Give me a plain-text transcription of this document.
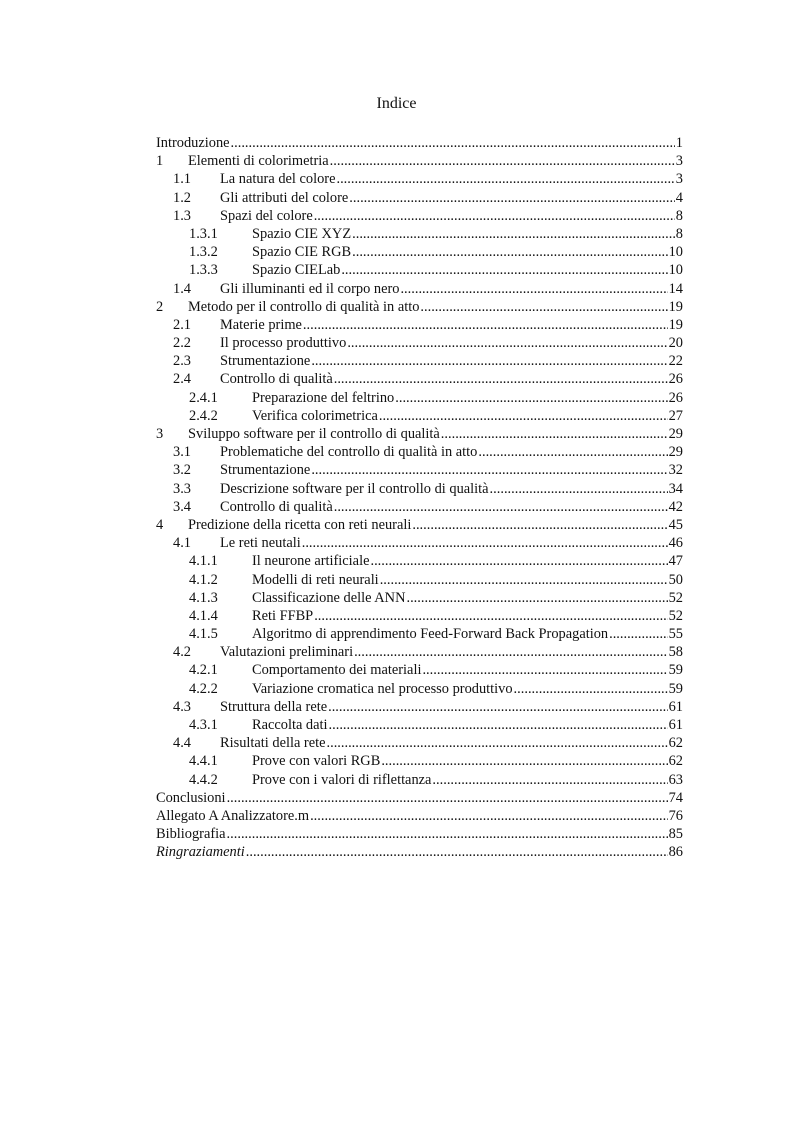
Indice
Introduzione .....	1
1	Elementi di colorimetria .....	3
1.1	La natura del colore .....	3
1.2	Gli attributi del colore .....	4
1.3	Spazi del colore .....	8
1.3.1	Spazio CIE XYZ .....	8
1.3.2	Spazio CIE RGB .....	10
1.3.3	Spazio CIELab .....	10
1.4	Gli illuminanti ed il corpo nero .....	14
2	Metodo per il controllo di qualità in atto .....	19
2.1	Materie prime .....	19
2.2	Il processo produttivo .....	20
2.3	Strumentazione .....	22
2.4	Controllo di qualità .....	26
2.4.1	Preparazione del feltrino .....	26
2.4.2	Verifica colorimetrica .....	27
3	Sviluppo software per il controllo di qualità .....	29
3.1	Problematiche del controllo di qualità in atto .....	29
3.2	Strumentazione .....	32
3.3	Descrizione software per il controllo di qualità .....	34
3.4	Controllo di qualità .....	42
4	Predizione della ricetta con reti neurali .....	45
4.1	Le reti neutali .....	46
4.1.1	Il neurone artificiale .....	47
4.1.2	Modelli di reti neurali .....	50
4.1.3	Classificazione delle ANN .....	52
4.1.4	Reti FFBP .....	52
4.1.5	Algoritmo di apprendimento Feed-Forward Back Propagation .....	55
4.2	Valutazioni preliminari .....	58
4.2.1	Comportamento dei materiali .....	59
4.2.2	Variazione cromatica nel processo produttivo .....	59
4.3	Struttura della rete .....	61
4.3.1	Raccolta dati .....	61
4.4	Risultati della rete .....	62
4.4.1	Prove con valori RGB .....	62
4.4.2	Prove con i valori di riflettanza .....	63
Conclusioni .....	74
Allegato A Analizzatore.m .....	76
Bibliografia .....	85
Ringraziamenti .....	86
